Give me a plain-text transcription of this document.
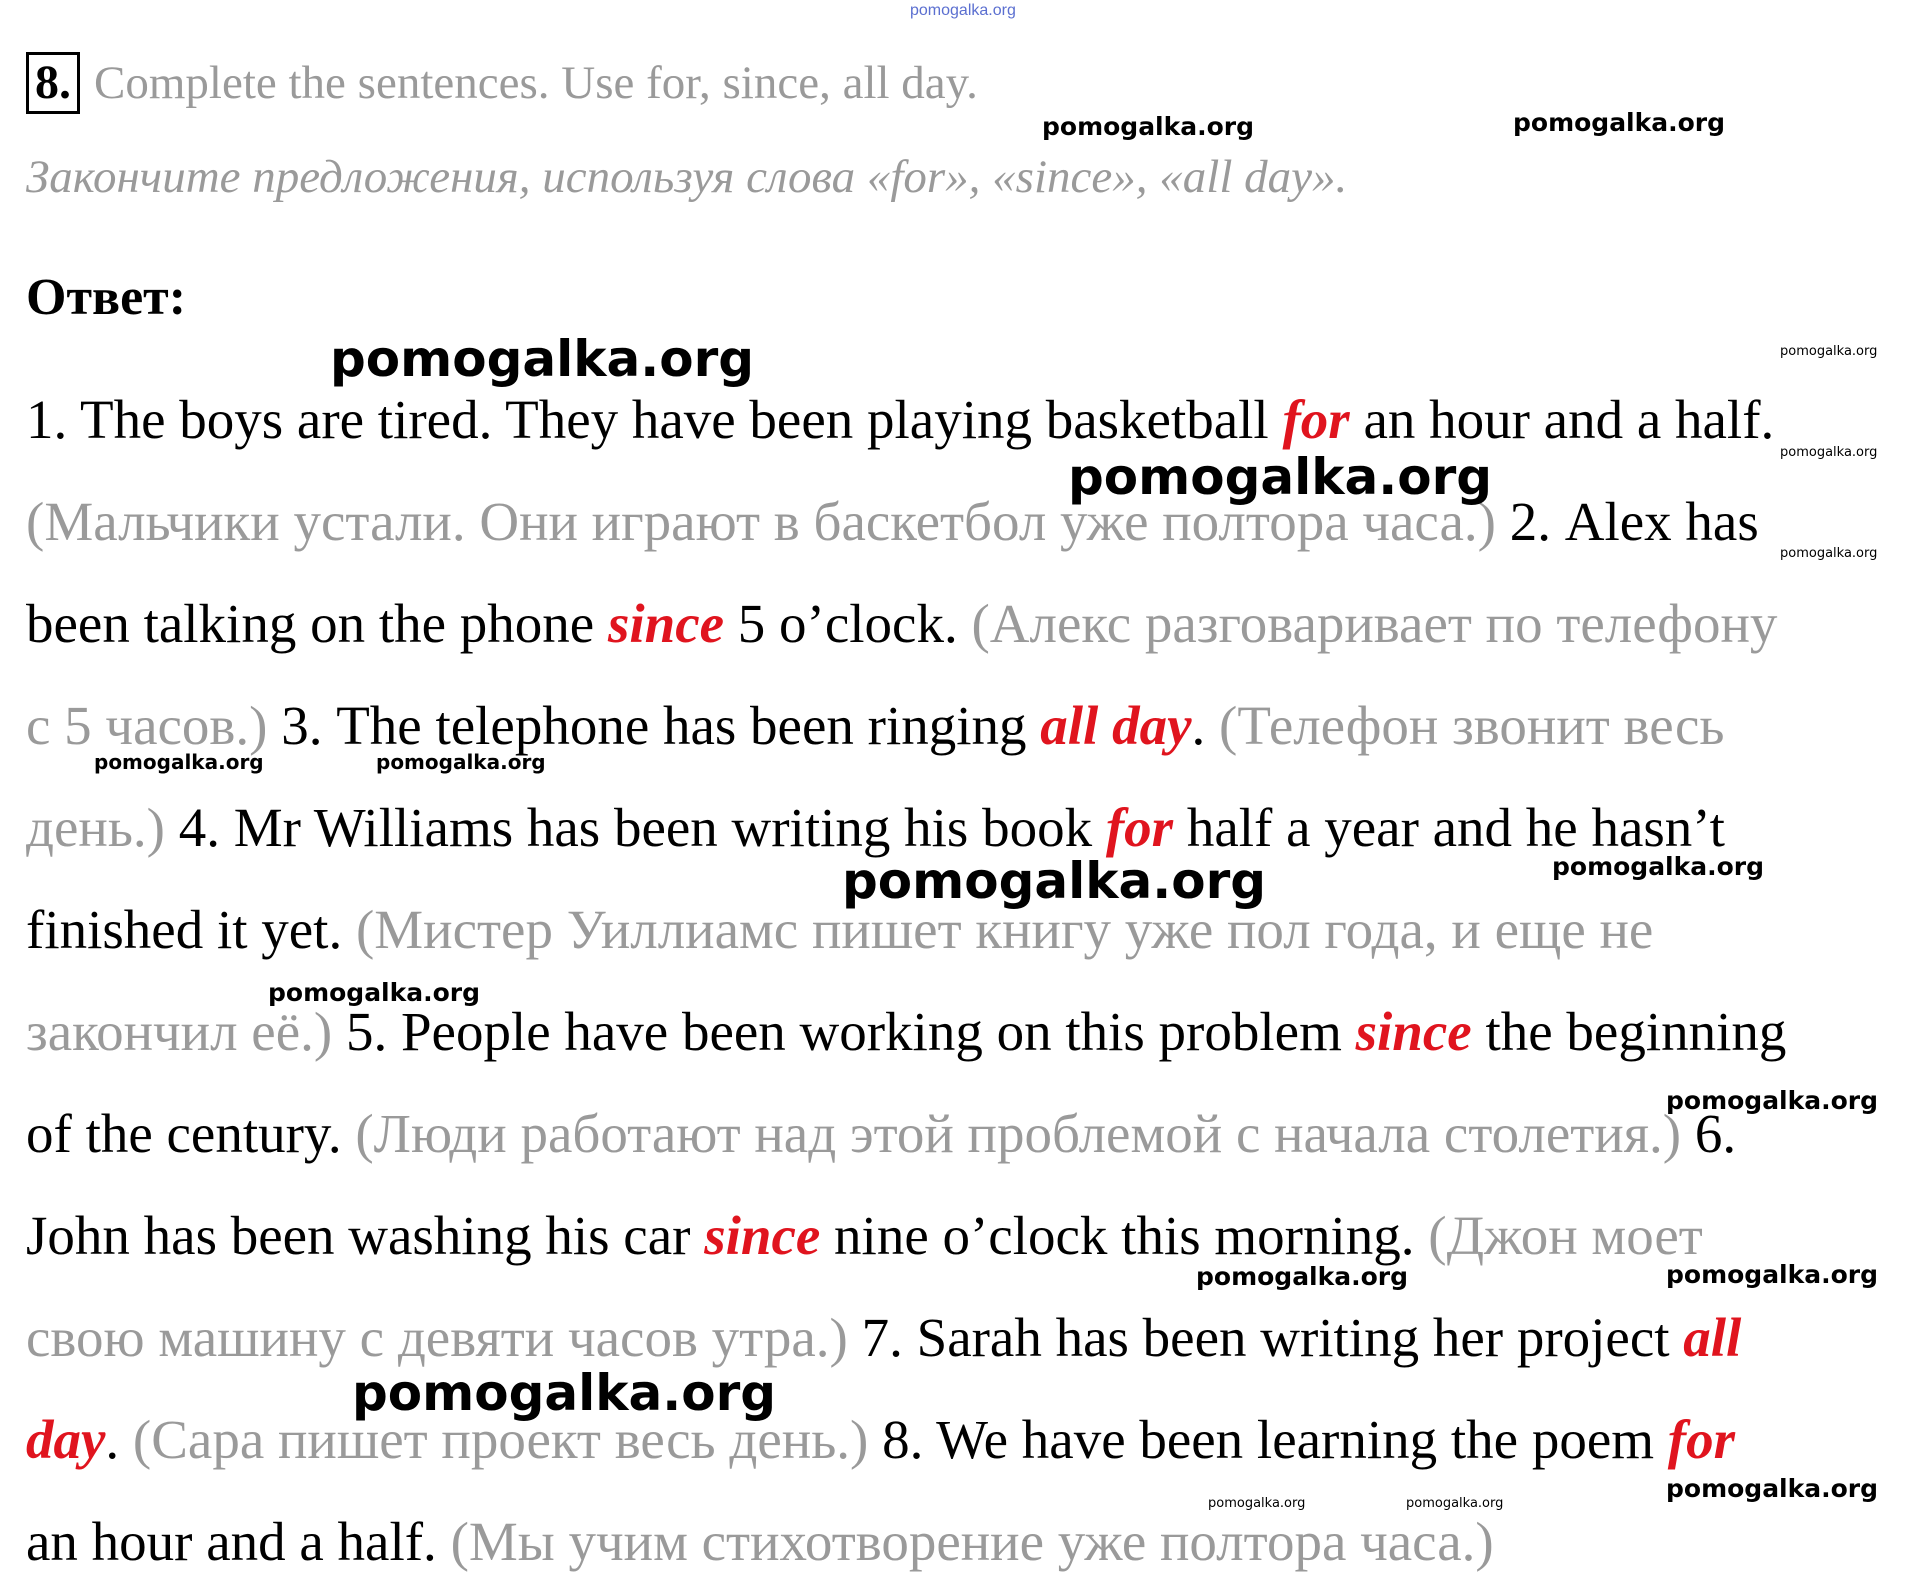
pomogalka.org
8. Complete the sentences. Use for, since, all day.
Закончите предложения, используя слова «for», «since», «all day».
Ответ:
1. The boys are tired. They have been playing basketball for an hour and a half.
(Мальчики устали. Они играют в баскетбол уже полтора часа.) 2. Alex has
been talking on the phone since 5 o’clock. (Алекс разговаривает по телефону
с 5 часов.) 3. The telephone has been ringing all day. (Телефон звонит весь
день.) 4. Mr Williams has been writing his book for half a year and he hasn’t
finished it yet. (Мистер Уиллиамс пишет книгу уже пол года, и еще не
закончил её.) 5. People have been working on this problem since the beginning
of the century. (Люди работают над этой проблемой с начала столетия.) 6.
John has been washing his car since nine o’clock this morning. (Джон моет
свою машину с девяти часов утра.) 7. Sarah has been writing her project all
day. (Сара пишет проект весь день.) 8. We have been learning the poem for
an hour and a half. (Мы учим стихотворение уже полтора часа.)
pomogalka.org	pomogalka.org
pomogalka.org	pomogalka.org
pomogalka.org	pomogalka.org
pomogalka.org
pomogalka.org	pomogalka.org
pomogalka.org	pomogalka.org
pomogalka.org
pomogalka.org
pomogalka.org	pomogalka.org
pomogalka.org
pomogalka.org
pomogalka.org	pomogalka.org
